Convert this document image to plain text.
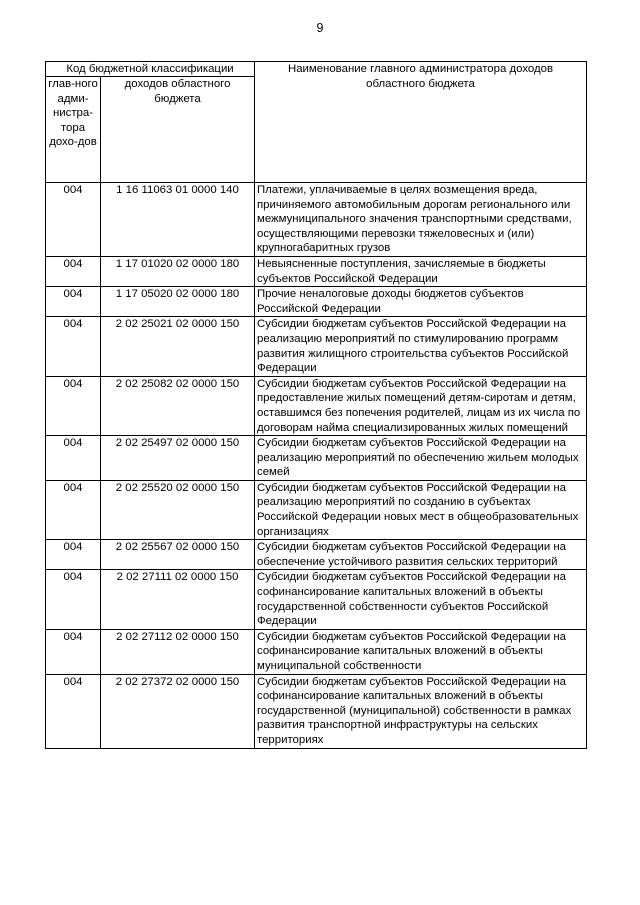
9
Код бюджетной классификации		Наименование главного администратора доходов областного бюджета
глав-ного адми-нистра-тора дохо-дов	доходов областного бюджета	
004	1 16 11063 01 0000 140	Платежи, уплачиваемые в целях возмещения вреда, причиняемого автомобильным дорогам регионального или межмуниципального значения транспортными средствами, осуществляющими перевозки тяжеловесных и (или) крупногабаритных грузов
004	1 17 01020 02 0000 180	Невыясненные поступления, зачисляемые в бюджеты субъектов Российской Федерации
004	1 17 05020 02 0000 180	Прочие неналоговые доходы бюджетов субъектов Российской Федерации
004	2 02 25021 02 0000 150	Субсидии бюджетам субъектов Российской Федерации на реализацию мероприятий по стимулированию программ развития жилищного строительства субъектов Российской Федерации
004	2 02 25082 02 0000 150	Субсидии бюджетам субъектов Российской Федерации на предоставление жилых помещений детям-сиротам и детям, оставшимся без попечения родителей, лицам из их числа по договорам найма специализированных жилых помещений
004	2 02 25497 02 0000 150	Субсидии бюджетам субъектов Российской Федерации на реализацию мероприятий по обеспечению жильем молодых семей
004	2 02 25520 02 0000 150	Субсидии бюджетам субъектов Российской Федерации на реализацию мероприятий по созданию в субъектах Российской Федерации новых мест в общеобразовательных организациях
004	2 02 25567 02 0000 150	Субсидии бюджетам субъектов Российской Федерации на обеспечение устойчивого развития сельских территорий
004	2 02 27111 02 0000 150	Субсидии бюджетам субъектов Российской Федерации на софинансирование капитальных вложений в объекты государственной собственности субъектов Российской Федерации
004	2 02 27112 02 0000 150	Субсидии бюджетам субъектов Российской Федерации на софинансирование капитальных вложений в объекты муниципальной собственности
004	2 02 27372 02 0000 150	Субсидии бюджетам субъектов Российской Федерации на софинансирование капитальных вложений в объекты государственной (муниципальной) собственности в рамках развития транспортной инфраструктуры на сельских территориях
